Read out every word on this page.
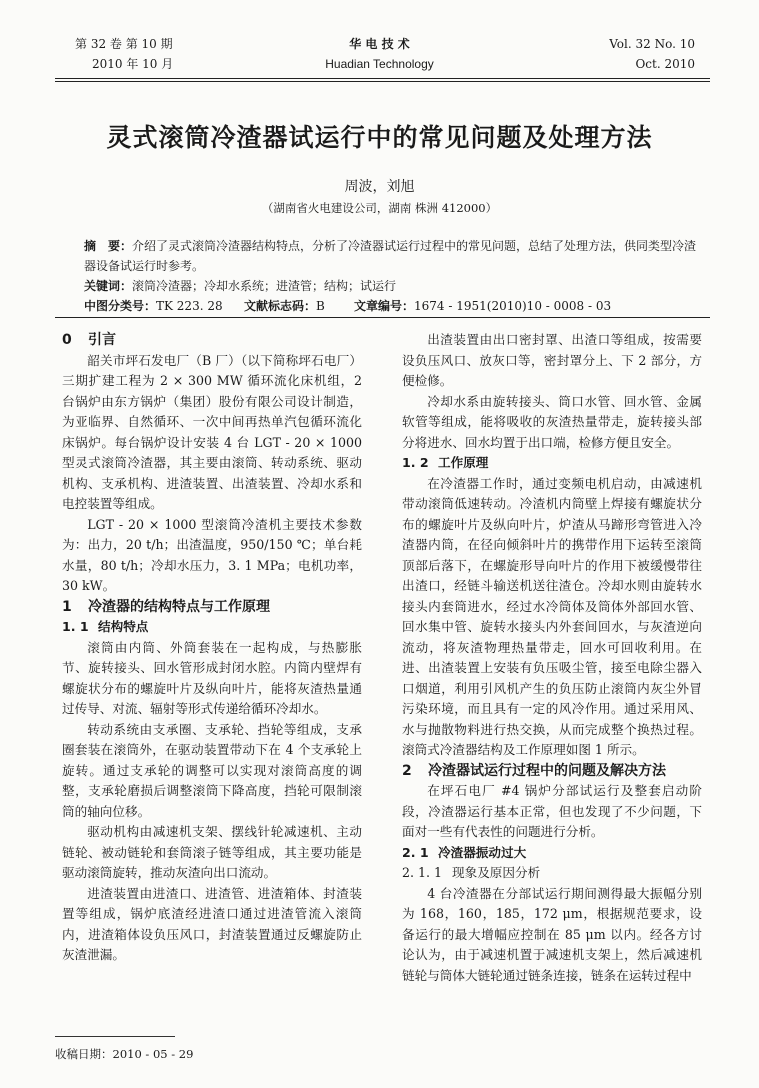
第 32 卷 第 10 期
2010 年 10 月
华 电 技 术
Huadian Technology
Vol. 32 No. 10
Oct. 2010
灵式滚筒冷渣器试运行中的常见问题及处理方法
周波，刘旭
（湖南省火电建设公司，湖南 株洲 412000）
摘　要：介绍了灵式滚筒冷渣器结构特点，分析了冷渣器试运行过程中的常见问题，总结了处理方法，供同类型冷渣器设备试运行时参考。
关键词：滚筒冷渣器；冷却水系统；进渣管；结构；试运行
中图分类号：TK 223. 28	文献标志码：B	文章编号：1674 - 1951(2010)10 - 0008 - 03

0 引言

韶关市坪石发电厂（B 厂）（以下简称坪石电厂）三期扩建工程为 2 × 300 MW 循环流化床机组，2 台锅炉由东方锅炉（集团）股份有限公司设计制造，为亚临界、自然循环、一次中间再热单汽包循环流化床锅炉。每台锅炉设计安装 4 台 LGT - 20 × 1000 型灵式滚筒冷渣器，其主要由滚筒、转动系统、驱动机构、支承机构、进渣装置、出渣装置、冷却水系和电控装置等组成。

LGT - 20 × 1000 型滚筒冷渣机主要技术参数为：出力，20 t/h；出渣温度，950/150 ℃；单台耗水量，80 t/h；冷却水压力，3. 1 MPa；电机功率，30 kW。

1 冷渣器的结构特点与工作原理

1. 1 结构特点

滚筒由内筒、外筒套装在一起构成，与热膨胀节、旋转接头、回水管形成封闭水腔。内筒内壁焊有螺旋状分布的螺旋叶片及纵向叶片，能将灰渣热量通过传导、对流、辐射等形式传递给循环冷却水。

转动系统由支承圈、支承轮、挡轮等组成，支承圈套装在滚筒外，在驱动装置带动下在 4 个支承轮上旋转。通过支承轮的调整可以实现对滚筒高度的调整，支承轮磨损后调整滚筒下降高度，挡轮可限制滚筒的轴向位移。

驱动机构由减速机支架、摆线针轮减速机、主动链轮、被动链轮和套筒滚子链等组成，其主要功能是驱动滚筒旋转，推动灰渣向出口流动。

进渣装置由进渣口、进渣管、进渣箱体、封渣装置等组成，锅炉底渣经进渣口通过进渣管流入滚筒内，进渣箱体设负压风口，封渣装置通过反螺旋防止灰渣泄漏。

出渣装置由出口密封罩、出渣口等组成，按需要设负压风口、放灰口等，密封罩分上、下 2 部分，方便检修。

冷却水系由旋转接头、筒口水管、回水管、金属软管等组成，能将吸收的灰渣热量带走，旋转接头部分将进水、回水均置于出口端，检修方便且安全。

1. 2 工作原理

在冷渣器工作时，通过变频电机启动，由减速机带动滚筒低速转动。冷渣机内筒壁上焊接有螺旋状分布的螺旋叶片及纵向叶片，炉渣从马蹄形弯管进入冷渣器内筒，在径向倾斜叶片的携带作用下运转至滚筒顶部后落下，在螺旋形导向叶片的作用下被缓慢带往出渣口，经链斗输送机送往渣仓。冷却水则由旋转水接头内套筒进水，经过水冷筒体及筒体外部回水管、回水集中管、旋转水接头内外套间回水，与灰渣逆向流动，将灰渣物理热量带走，回水可回收利用。在进、出渣装置上安装有负压吸尘管，接至电除尘器入口烟道，利用引风机产生的负压防止滚筒内灰尘外冒污染环境，而且具有一定的风冷作用。通过采用风、水与抛散物料进行热交换，从而完成整个换热过程。滚筒式冷渣器结构及工作原理如图 1 所示。

2 冷渣器试运行过程中的问题及解决方法

在坪石电厂 #4 锅炉分部试运行及整套启动阶段，冷渣器运行基本正常，但也发现了不少问题，下面对一些有代表性的问题进行分析。

2. 1 冷渣器振动过大

2. 1. 1 现象及原因分析

4 台冷渣器在分部试运行期间测得最大振幅分别为 168，160，185，172 μm，根据规范要求，设备运行的最大增幅应控制在 85 μm 以内。经各方讨论认为，由于减速机置于减速机支架上，然后减速机链轮与筒体大链轮通过链条连接，链条在运转过程中

收稿日期：2010 - 05 - 29
